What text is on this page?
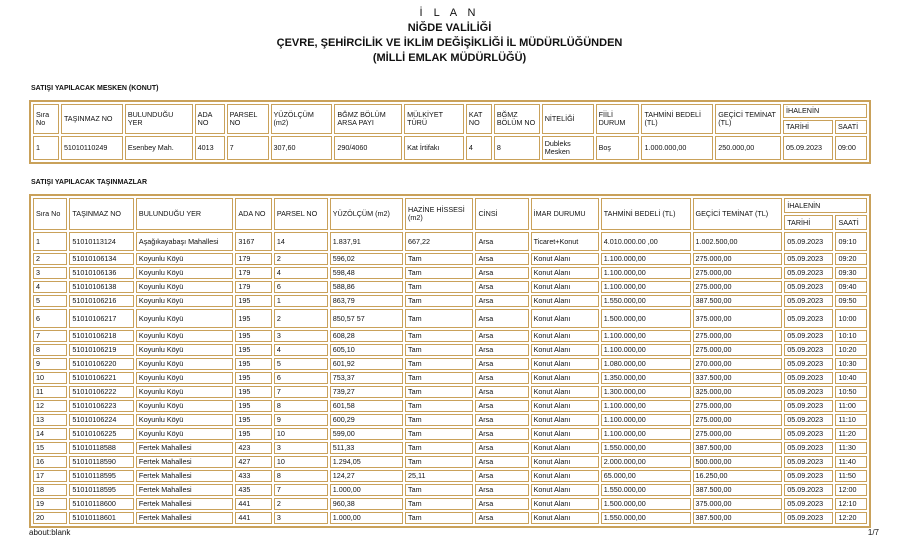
İ L A N
NİĞDE VALİLİĞİ
ÇEVRE, ŞEHİRCİLİK VE İKLİM DEĞİŞİKLİĞİ İL MÜDÜRLÜĞÜNDEN
(MİLLİ EMLAK MÜDÜRLÜĞÜ)
SATIŞI YAPILACAK MESKEN (KONUT)
Sıra No	TAŞINMAZ NO	BULUNDUĞU YER	ADA NO	PARSEL NO	YÜZÖLÇÜM (m2)	BĞMZ BÖLÜM ARSA PAYI	MÜLKİYET TÜRÜ	KAT NO	BĞMZ BÖLÜM NO	NİTELİĞİ	FİİLİ DURUM	TAHMİNİ BEDELİ (TL)	GEÇİCİ TEMİNAT (TL)	İHALENİN	
														TARİHİ	SAATİ
1	51010110249	Esenbey Mah.	4013	7	307,60	290/4060	Kat İrtifakı	4	8	Dubleks Mesken	Boş	1.000.000,00	250.000,00	05.09.2023	09:00
SATIŞI YAPILACAK TAŞINMAZLAR
Sıra No	TAŞINMAZ NO	BULUNDUĞU YER	ADA NO	PARSEL NO	YÜZÖLÇÜM (m2)	HAZİNE HİSSESİ (m2)	CİNSİ	İMAR DURUMU	TAHMİNİ BEDELİ (TL)	GEÇİCİ TEMİNAT (TL)	İHALENİN	
											TARİHİ	SAATİ
1	51010113124	Aşağıkayabaşı Mahallesi	3167	14	1.837,91	667,22	Arsa	Ticaret+Konut	4.010.000.00 ,00	1.002.500,00	05.09.2023	09:10
2	51010106134	Koyunlu Köyü	179	2	596,02	Tam	Arsa	Konut Alanı	1.100.000,00	275.000,00	05.09.2023	09:20
3	51010106136	Koyunlu Köyü	179	4	598,48	Tam	Arsa	Konut Alanı	1.100.000,00	275.000,00	05.09.2023	09:30
4	51010106138	Koyunlu Köyü	179	6	588,86	Tam	Arsa	Konut Alanı	1.100.000,00	275.000,00	05.09.2023	09:40
5	51010106216	Koyunlu Köyü	195	1	863,79	Tam	Arsa	Konut Alanı	1.550.000,00	387.500,00	05.09.2023	09:50
6	51010106217	Koyunlu Köyü	195	2	850,57 57	Tam	Arsa	Konut Alanı	1.500.000,00	375.000,00	05.09.2023	10:00
7	51010106218	Koyunlu Köyü	195	3	608,28	Tam	Arsa	Konut Alanı	1.100.000,00	275.000,00	05.09.2023	10:10
8	51010106219	Koyunlu Köyü	195	4	605,10	Tam	Arsa	Konut Alanı	1.100.000,00	275.000,00	05.09.2023	10:20
9	51010106220	Koyunlu Köyü	195	5	601,92	Tam	Arsa	Konut Alanı	1.080.000,00	270.000,00	05.09.2023	10:30
10	51010106221	Koyunlu Köyü	195	6	753,37	Tam	Arsa	Konut Alanı	1.350.000,00	337.500,00	05.09.2023	10:40
11	51010106222	Koyunlu Köyü	195	7	739,27	Tam	Arsa	Konut Alanı	1.300.000,00	325.000,00	05.09.2023	10:50
12	51010106223	Koyunlu Köyü	195	8	601,58	Tam	Arsa	Konut Alanı	1.100.000,00	275.000,00	05.09.2023	11:00
13	51010106224	Koyunlu Köyü	195	9	600,29	Tam	Arsa	Konut Alanı	1.100.000,00	275.000,00	05.09.2023	11:10
14	51010106225	Koyunlu Köyü	195	10	599,00	Tam	Arsa	Konut Alanı	1.100.000,00	275.000,00	05.09.2023	11:20
15	51010118588	Fertek Mahallesi	423	3	511,33	Tam	Arsa	Konut Alanı	1.550.000,00	387.500,00	05.09.2023	11:30
16	51010118590	Fertek Mahallesi	427	10	1.294,05	Tam	Arsa	Konut Alanı	2.000.000,00	500.000,00	05.09.2023	11:40
17	51010118595	Fertek Mahallesi	433	8	124,27	25,11	Arsa	Konut Alanı	65.000,00	16.250,00	05.09.2023	11:50
18	51010118595	Fertek Mahallesi	435	7	1.000,00	Tam	Arsa	Konut Alanı	1.550.000,00	387.500,00	05.09.2023	12:00
19	51010118600	Fertek Mahallesi	441	2	960,38	Tam	Arsa	Konut Alanı	1.500.000,00	375.000,00	05.09.2023	12:10
20	51010118601	Fertek Mahallesi	441	3	1.000,00	Tam	Arsa	Konut Alanı	1.550.000,00	387.500,00	05.09.2023	12:20
about:blank	1/7
